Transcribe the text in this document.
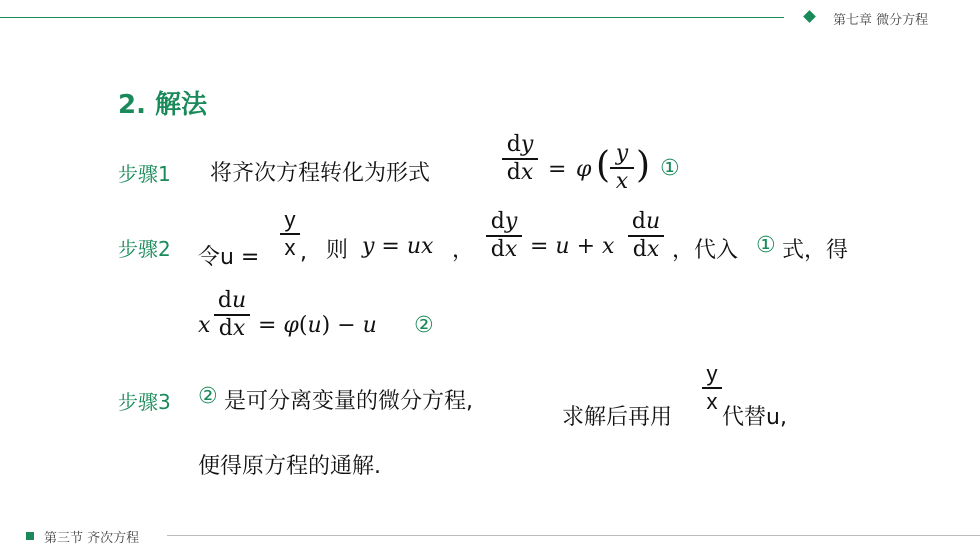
第七章 微分方程
第三节 齐次方程
2. 解法
步骤1 将齐次方程转化为形式
dy
dx = φ ( y
x ) ①
步骤2 令u =
y
x , 则 y = ux ，
dy
dx = u + x
du
dx ，代入 ① 式，得
x
du
dx = φ(u) − u ②
步骤3 ② 是可分离变量的微分方程,
求解后再用
y
x
代替u,
便得原方程的通解.
